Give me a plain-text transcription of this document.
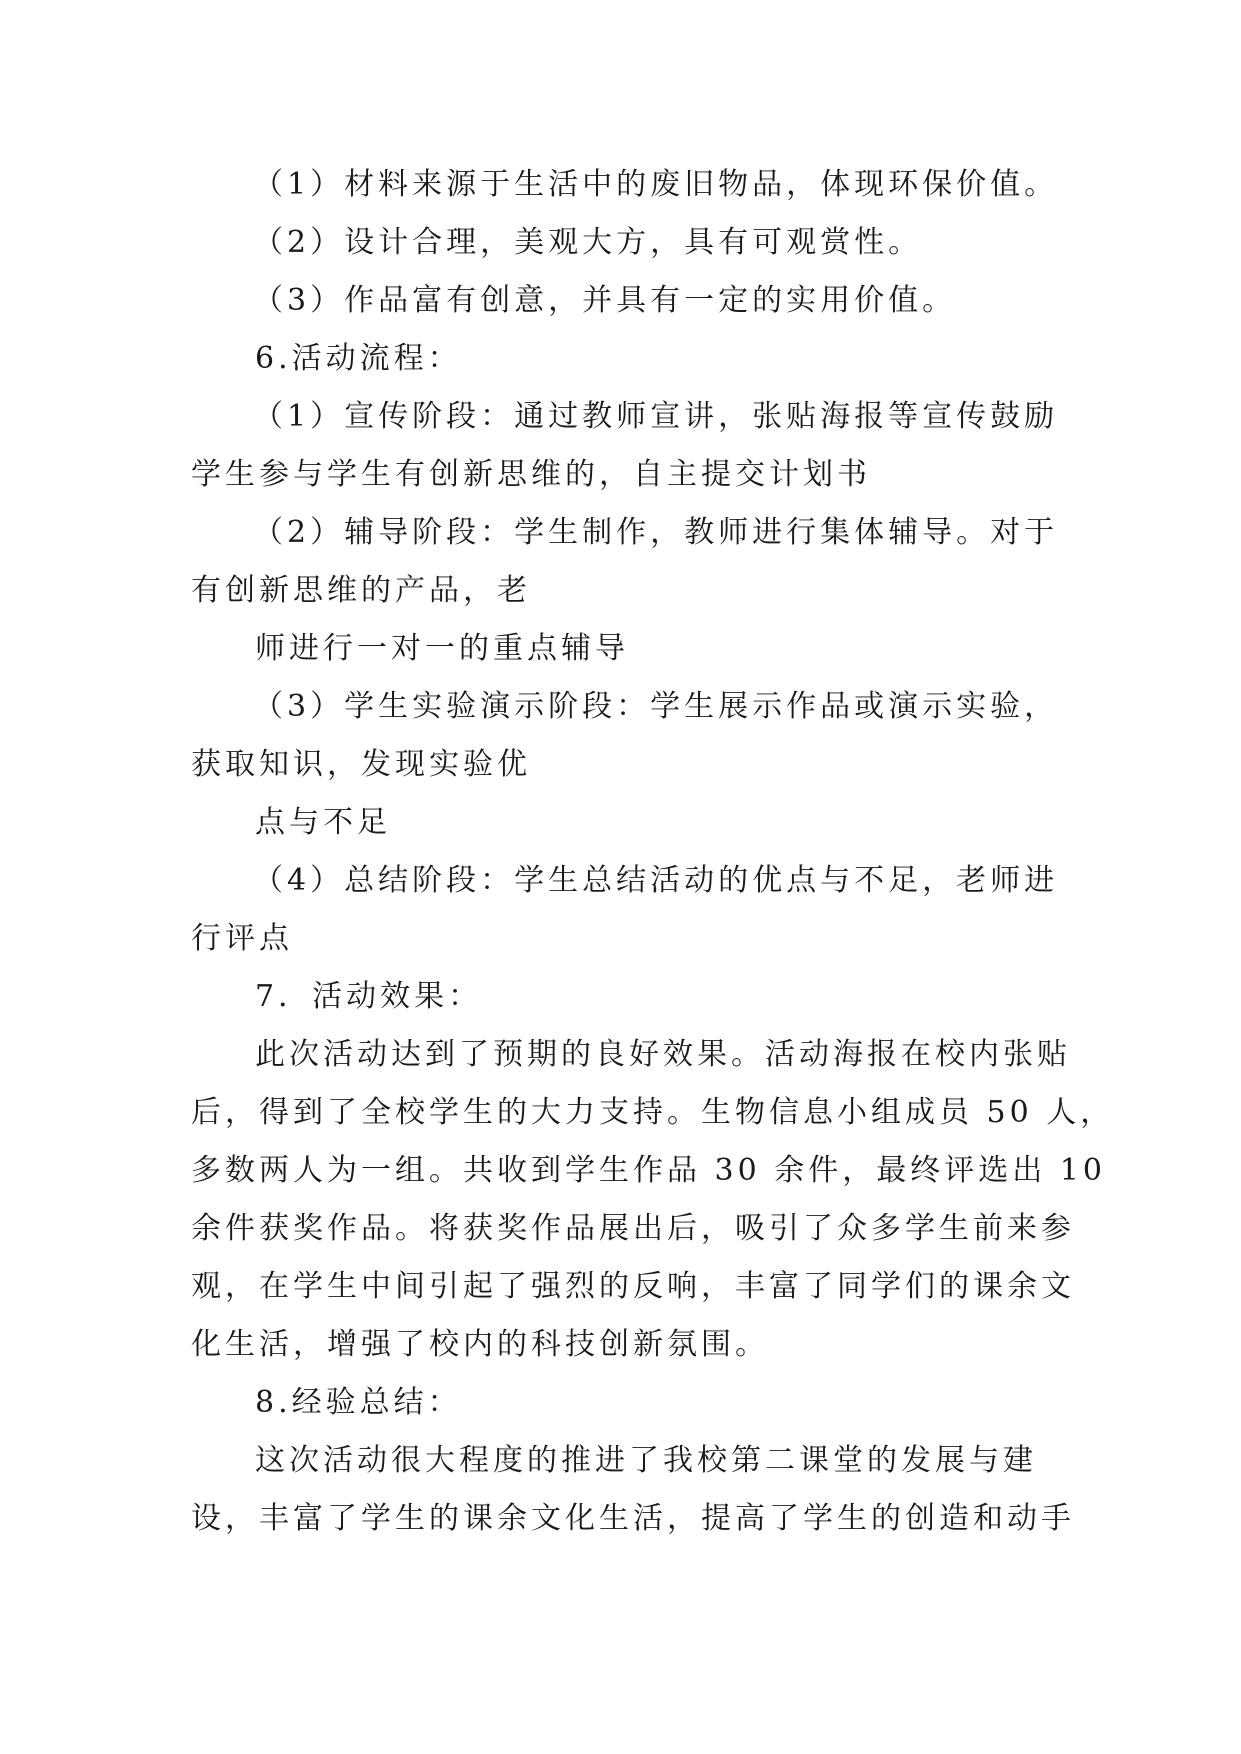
（1）材料来源于生活中的废旧物品，体现环保价值。
（2）设计合理，美观大方，具有可观赏性。
（3）作品富有创意，并具有一定的实用价值。
6.活动流程：
（1）宣传阶段：通过教师宣讲，张贴海报等宣传鼓励
学生参与学生有创新思维的，自主提交计划书
（2）辅导阶段：学生制作，教师进行集体辅导。对于
有创新思维的产品，老
师进行一对一的重点辅导
（3）学生实验演示阶段：学生展示作品或演示实验，
获取知识，发现实验优
点与不足
（4）总结阶段：学生总结活动的优点与不足，老师进
行评点
7．活动效果：
此次活动达到了预期的良好效果。活动海报在校内张贴
后，得到了全校学生的大力支持。生物信息小组成员 50 人，
多数两人为一组。共收到学生作品 30 余件，最终评选出 10
余件获奖作品。将获奖作品展出后，吸引了众多学生前来参
观，在学生中间引起了强烈的反响，丰富了同学们的课余文
化生活，增强了校内的科技创新氛围。
8.经验总结：
这次活动很大程度的推进了我校第二课堂的发展与建
设，丰富了学生的课余文化生活，提高了学生的创造和动手
